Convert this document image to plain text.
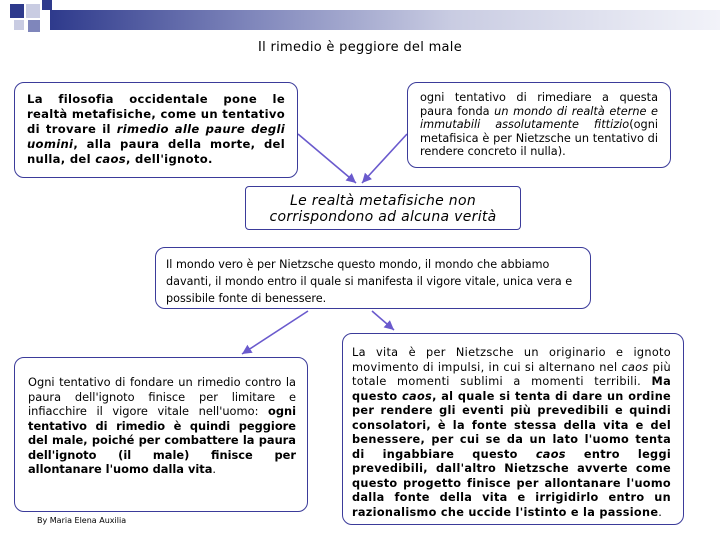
Il rimedio è peggiore del male
La filosofia occidentale pone le realtà metafisiche, come un tentativo di trovare il rimedio alle paure degli uomini, alla paura della morte, del nulla, del caos, dell'ignoto.
ogni tentativo di rimediare a questa paura fonda un mondo di realtà eterne e immutabili assolutamente fittizio(ogni metafisica è per Nietzsche un tentativo di rendere concreto il nulla).
Le realtà metafisiche non corrispondono ad alcuna verità
Il mondo vero è per Nietzsche questo mondo, il mondo che abbiamo davanti, il mondo entro il quale si manifesta il vigore vitale, unica vera e possibile fonte di benessere.
Ogni tentativo di fondare un rimedio contro la paura dell'ignoto finisce per limitare e infiacchire il vigore vitale nell'uomo: ogni tentativo di rimedio è quindi peggiore del male, poiché per combattere la paura dell'ignoto (il male) finisce per allontanare l'uomo dalla vita.
By Maria Elena Auxilia
La vita è per Nietzsche un originario e ignoto movimento di impulsi, in cui si alternano nel caos più totale momenti sublimi a momenti terribili. Ma questo caos, al quale si tenta di dare un ordine per rendere gli eventi più prevedibili e quindi consolatori, è la fonte stessa della vita e del benessere, per cui se da un lato l'uomo tenta di ingabbiare questo caos entro leggi prevedibili, dall'altro Nietzsche avverte come questo progetto finisce per allontanare l'uomo dalla fonte della vita e irrigidirlo entro un razionalismo che uccide l'istinto e la passione.
